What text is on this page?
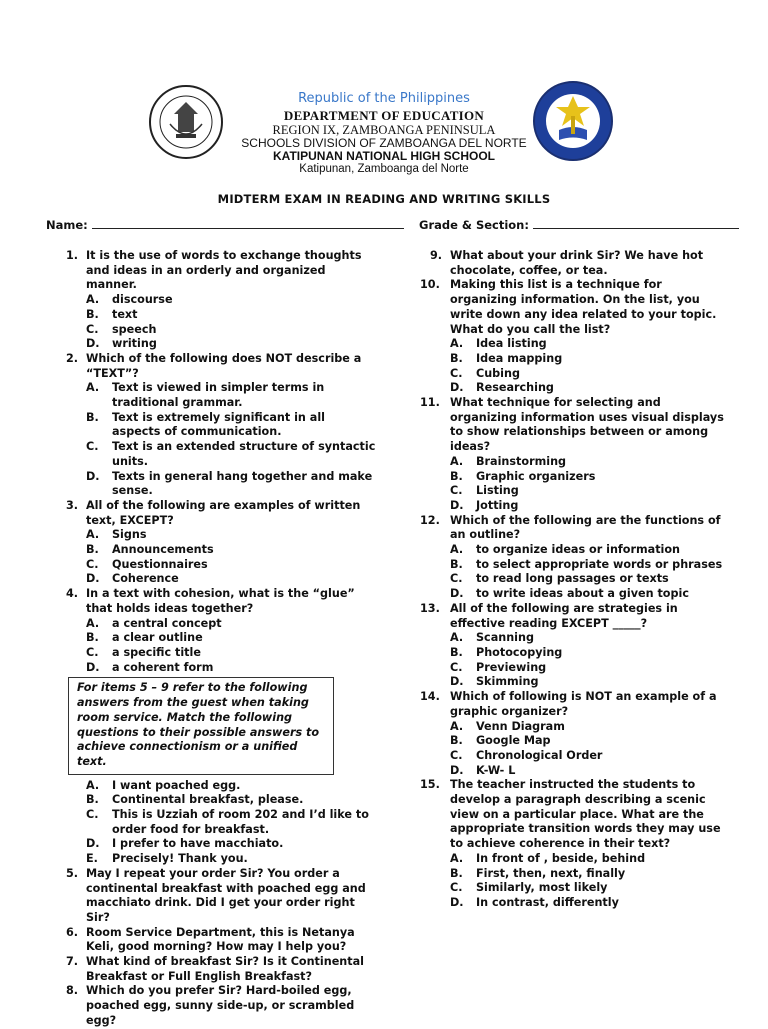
Republic of the Philippines
DEPARTMENT OF EDUCATION
REGION IX, ZAMBOANGA PENINSULA
SCHOOLS DIVISION OF ZAMBOANGA DEL NORTE
KATIPUNAN NATIONAL HIGH SCHOOL
Katipunan, Zamboanga del Norte
MIDTERM EXAM IN READING AND WRITING SKILLS
Name:	Grade & Section:
1. It is the use of words to exchange thoughts and ideas in an orderly and organized manner.
A. discourse
B. text
C. speech
D. writing
2. Which of the following does NOT describe a “TEXT”?
A. Text is viewed in simpler terms in traditional grammar.
B. Text is extremely significant in all aspects of communication.
C. Text is an extended structure of syntactic units.
D. Texts in general hang together and make sense.
3. All of the following are examples of written text, EXCEPT?
A. Signs
B. Announcements
C. Questionnaires
D. Coherence
4. In a text with cohesion, what is the “glue” that holds ideas together?
A. a central concept
B. a clear outline
C. a specific title
D. a coherent form
For items 5 – 9 refer to the following answers from the guest when taking room service. Match the following questions to their possible answers to achieve connectionism or a unified text.
A. I want poached egg.
B. Continental breakfast, please.
C. This is Uzziah of room 202 and I’d like to order food for breakfast.
D. I prefer to have macchiato.
E. Precisely! Thank you.
5. May I repeat your order Sir? You order a continental breakfast with poached egg and macchiato drink. Did I get your order right Sir?
6. Room Service Department, this is Netanya Keli, good morning? How may I help you?
7. What kind of breakfast Sir? Is it Continental Breakfast or Full English Breakfast?
8. Which do you prefer Sir? Hard-boiled egg, poached egg, sunny side-up, or scrambled egg?
9. What about your drink Sir? We have hot chocolate, coffee, or tea.
10. Making this list is a technique for organizing information. On the list, you write down any idea related to your topic. What do you call the list?
A. Idea listing
B. Idea mapping
C. Cubing
D. Researching
11. What technique for selecting and organizing information uses visual displays to show relationships between or among ideas?
A. Brainstorming
B. Graphic organizers
C. Listing
D. Jotting
12. Which of the following are the functions of an outline?
A. to organize ideas or information
B. to select appropriate words or phrases
C. to read long passages or texts
D. to write ideas about a given topic
13. All of the following are strategies in effective reading EXCEPT _____?
A. Scanning
B. Photocopying
C. Previewing
D. Skimming
14. Which of following is NOT an example of a graphic organizer?
A. Venn Diagram
B. Google Map
C. Chronological Order
D. K-W- L
15. The teacher instructed the students to develop a paragraph describing a scenic view on a particular place. What are the appropriate transition words they may use to achieve coherence in their text?
A. In front of , beside, behind
B. First, then, next, finally
C. Similarly, most likely
D. In contrast, differently
